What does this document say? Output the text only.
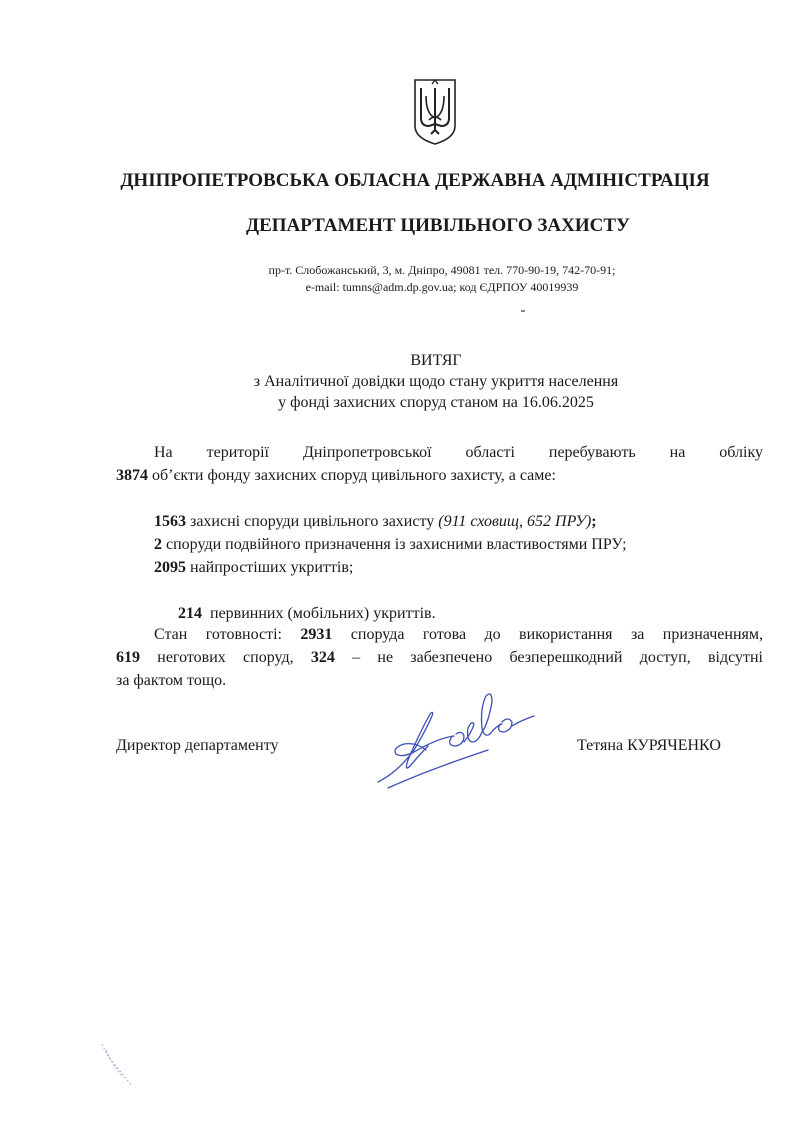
ДНІПРОПЕТРОВСЬКА ОБЛАСНА ДЕРЖАВНА АДМІНІСТРАЦІЯ
ДЕПАРТАМЕНТ ЦИВІЛЬНОГО ЗАХИСТУ
пр-т. Слобожанський, 3, м. Дніпро, 49081 тел. 770-90-19, 742-70-91;
e-mail: tumns@adm.dp.gov.ua; код ЄДРПОУ 40019939
ВИТЯГ
з Аналітичної довідки щодо стану укриття населення
у фонді захисних споруд станом на 16.06.2025
На території Дніпропетровської області перебувають на обліку
3874 об’єкти фонду захисних споруд цивільного захисту, а саме:
1563 захисні споруди цивільного захисту (911 сховищ, 652 ПРУ);
2 споруди подвійного призначення із захисними властивостями ПРУ;
2095 найпростіших укриттів;

214  первинних (мобільних) укриттів.

Стан готовності: 2931 споруда готова до використання за призначенням,
619 неготових споруд, 324 – не забезпечено безперешкодний доступ, відсутні
за фактом тощо.
Директор департаменту	Тетяна КУРЯЧЕНКО
